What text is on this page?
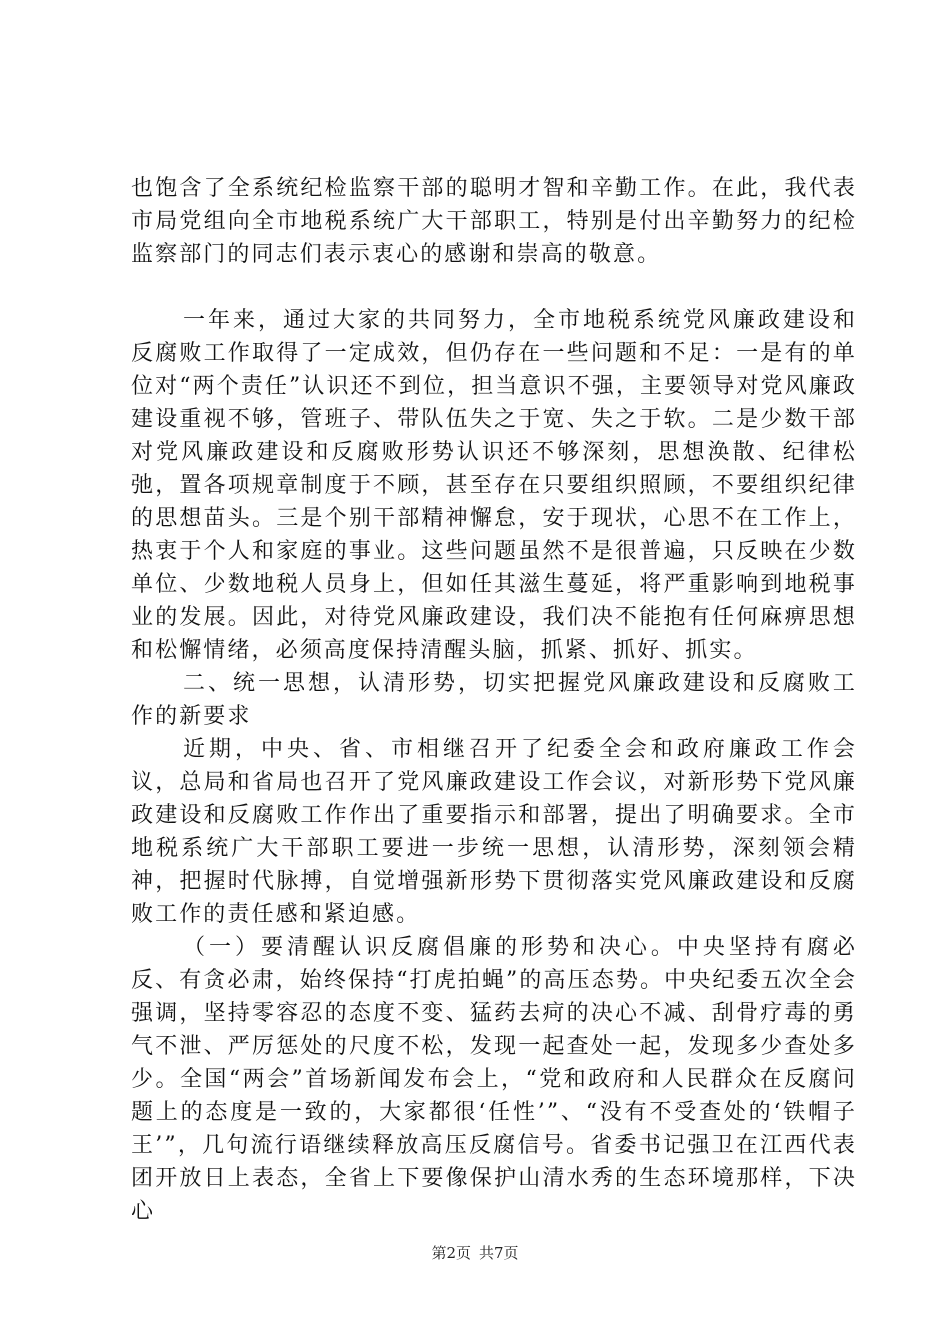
也饱含了全系统纪检监察干部的聪明才智和辛勤工作。在此，我代表市局党组向全市地税系统广大干部职工，特别是付出辛勤努力的纪检监察部门的同志们表示衷心的感谢和崇高的敬意。

一年来，通过大家的共同努力，全市地税系统党风廉政建设和反腐败工作取得了一定成效，但仍存在一些问题和不足：一是有的单位对“两个责任”认识还不到位，担当意识不强，主要领导对党风廉政建设重视不够，管班子、带队伍失之于宽、失之于软。二是少数干部对党风廉政建设和反腐败形势认识还不够深刻，思想涣散、纪律松弛，置各项规章制度于不顾，甚至存在只要组织照顾，不要组织纪律的思想苗头。三是个别干部精神懈怠，安于现状，心思不在工作上，热衷于个人和家庭的事业。这些问题虽然不是很普遍，只反映在少数单位、少数地税人员身上，但如任其滋生蔓延，将严重影响到地税事业的发展。因此，对待党风廉政建设，我们决不能抱有任何麻痹思想和松懈情绪，必须高度保持清醒头脑，抓紧、抓好、抓实。

二、统一思想，认清形势，切实把握党风廉政建设和反腐败工作的新要求

近期，中央、省、市相继召开了纪委全会和政府廉政工作会议，总局和省局也召开了党风廉政建设工作会议，对新形势下党风廉政建设和反腐败工作作出了重要指示和部署，提出了明确要求。全市地税系统广大干部职工要进一步统一思想，认清形势，深刻领会精神，把握时代脉搏，自觉增强新形势下贯彻落实党风廉政建设和反腐败工作的责任感和紧迫感。

（一）要清醒认识反腐倡廉的形势和决心。中央坚持有腐必反、有贪必肃，始终保持“打虎拍蝇”的高压态势。中央纪委五次全会强调，坚持零容忍的态度不变、猛药去疴的决心不减、刮骨疗毒的勇气不泄、严厉惩处的尺度不松，发现一起查处一起，发现多少查处多少。全国“两会”首场新闻发布会上，“党和政府和人民群众在反腐问题上的态度是一致的，大家都很‘任性’”、“没有不受查处的‘铁帽子王’”，几句流行语继续释放高压反腐信号。省委书记强卫在江西代表团开放日上表态，全省上下要像保护山清水秀的生态环境那样，下决心

第2页 共7页
